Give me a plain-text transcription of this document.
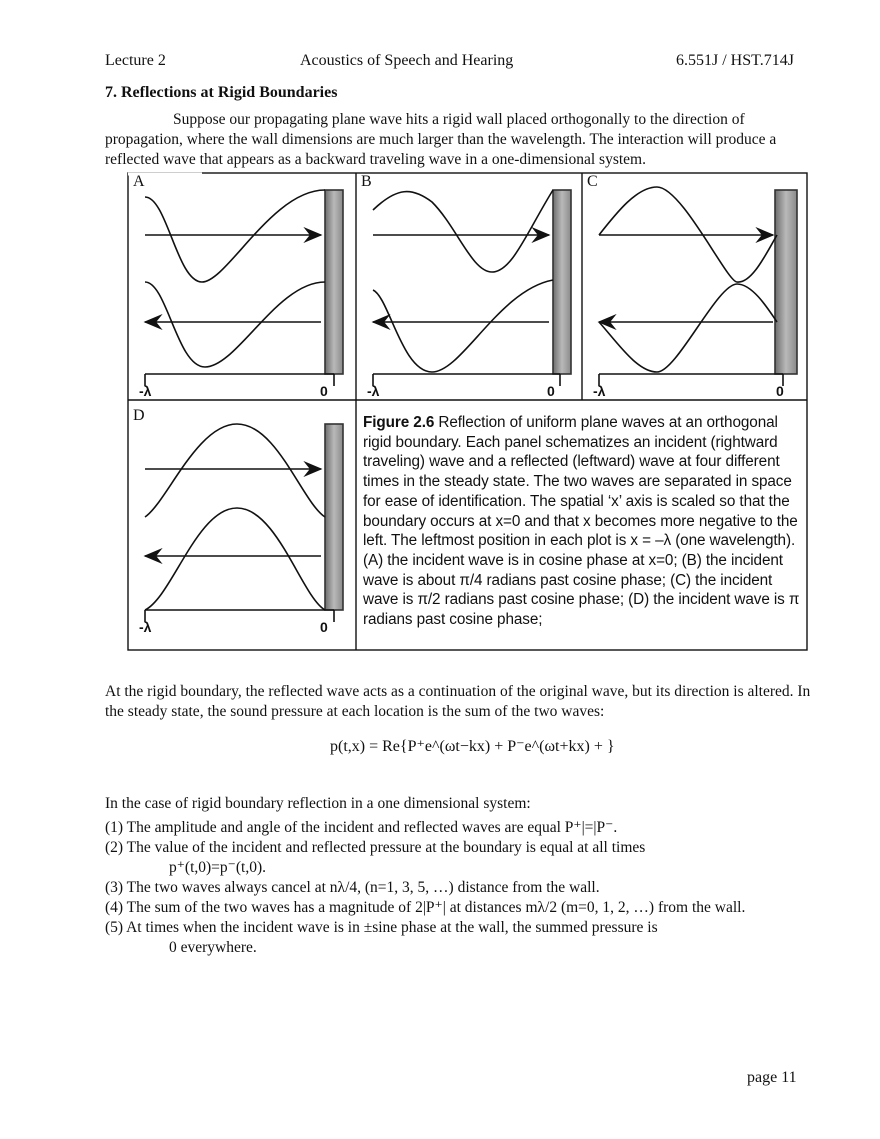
Lecture 2	Acoustics of Speech and Hearing	6.551J / HST.714J
7. Reflections at Rigid Boundaries
Suppose our propagating plane wave hits a rigid wall placed orthogonally to the direction of propagation, where the wall dimensions are much larger than the wavelength. The interaction will produce a reflected wave that appears as a backward traveling wave in a one-dimensional system.
A	B	C
D
-λ	0	-λ	0	-λ	0
-λ	0
Figure 2.6 Reflection of uniform plane waves at an orthogonal rigid boundary. Each panel schematizes an incident (rightward traveling) wave and a reflected (leftward) wave at four different times in the steady state. The two waves are separated in space for ease of identification. The spatial ‘x’ axis is scaled so that the boundary occurs at x=0 and that x becomes more negative to the left. The leftmost position in each plot is x = –λ (one wavelength). (A) the incident wave is in cosine phase at x=0; (B) the incident wave is about π/4 radians past cosine phase; (C) the incident wave is π/2 radians past cosine phase; (D) the incident wave is π radians past cosine phase;
At the rigid boundary, the reflected wave acts as a continuation of the original wave, but its direction is altered. In the steady state, the sound pressure at each location is the sum of the two waves:
p(t,x) = Re{P⁺e^(ωt−kx) + P⁻e^(ωt+kx) + }
In the case of rigid boundary reflection in a one dimensional system:

(1) The amplitude and angle of the incident and reflected waves are equal P⁺|=|P⁻.

(2) The value of the incident and reflected pressure at the boundary is equal at all times

p⁺(t,0)=p⁻(t,0).

(3) The two waves always cancel at nλ/4, (n=1, 3, 5, …) distance from the wall.

(4) The sum of the two waves has a magnitude of 2|P⁺| at distances mλ/2 (m=0, 1, 2, …) from the wall.

(5) At times when the incident wave is in ±sine phase at the wall, the summed pressure is

0 everywhere.

page 11
